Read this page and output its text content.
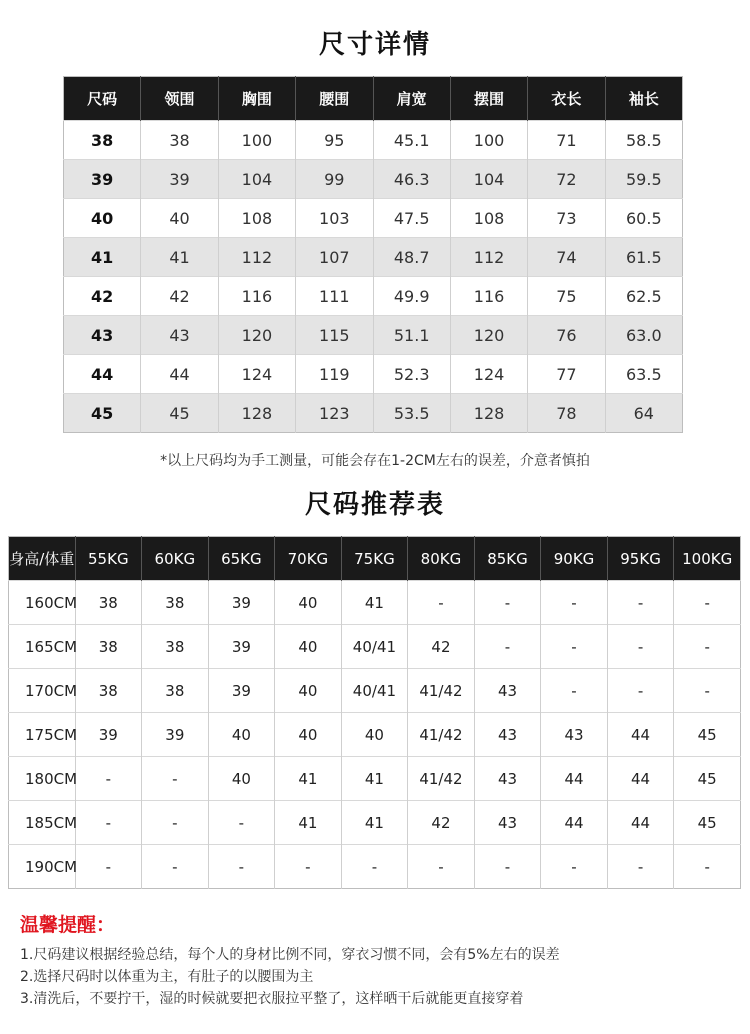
尺寸详情
尺码	领围	胸围	腰围	肩宽	摆围	衣长	袖长
38	38	100	95	45.1	100	71	58.5
39	39	104	99	46.3	104	72	59.5
40	40	108	103	47.5	108	73	60.5
41	41	112	107	48.7	112	74	61.5
42	42	116	111	49.9	116	75	62.5
43	43	120	115	51.1	120	76	63.0
44	44	124	119	52.3	124	77	63.5
45	45	128	123	53.5	128	78	64
*以上尺码均为手工测量，可能会存在1-2CM左右的误差，介意者慎拍
尺码推荐表
身高/体重	55KG	60KG	65KG	70KG	75KG	80KG	85KG	90KG	95KG	100KG
160CM	38	38	39	40	41	-	-	-	-	-
165CM	38	38	39	40	40/41	42	-	-	-	-
170CM	38	38	39	40	40/41	41/42	43	-	-	-
175CM	39	39	40	40	40	41/42	43	43	44	45
180CM	-	-	40	41	41	41/42	43	44	44	45
185CM	-	-	-	41	41	42	43	44	44	45
190CM	-	-	-	-	-	-	-	-	-	-
温馨提醒：
1.尺码建议根据经验总结，每个人的身材比例不同，穿衣习惯不同，会有5%左右的误差
2.选择尺码时以体重为主，有肚子的以腰围为主
3.清洗后，不要拧干，湿的时候就要把衣服拉平整了，这样晒干后就能更直接穿着
